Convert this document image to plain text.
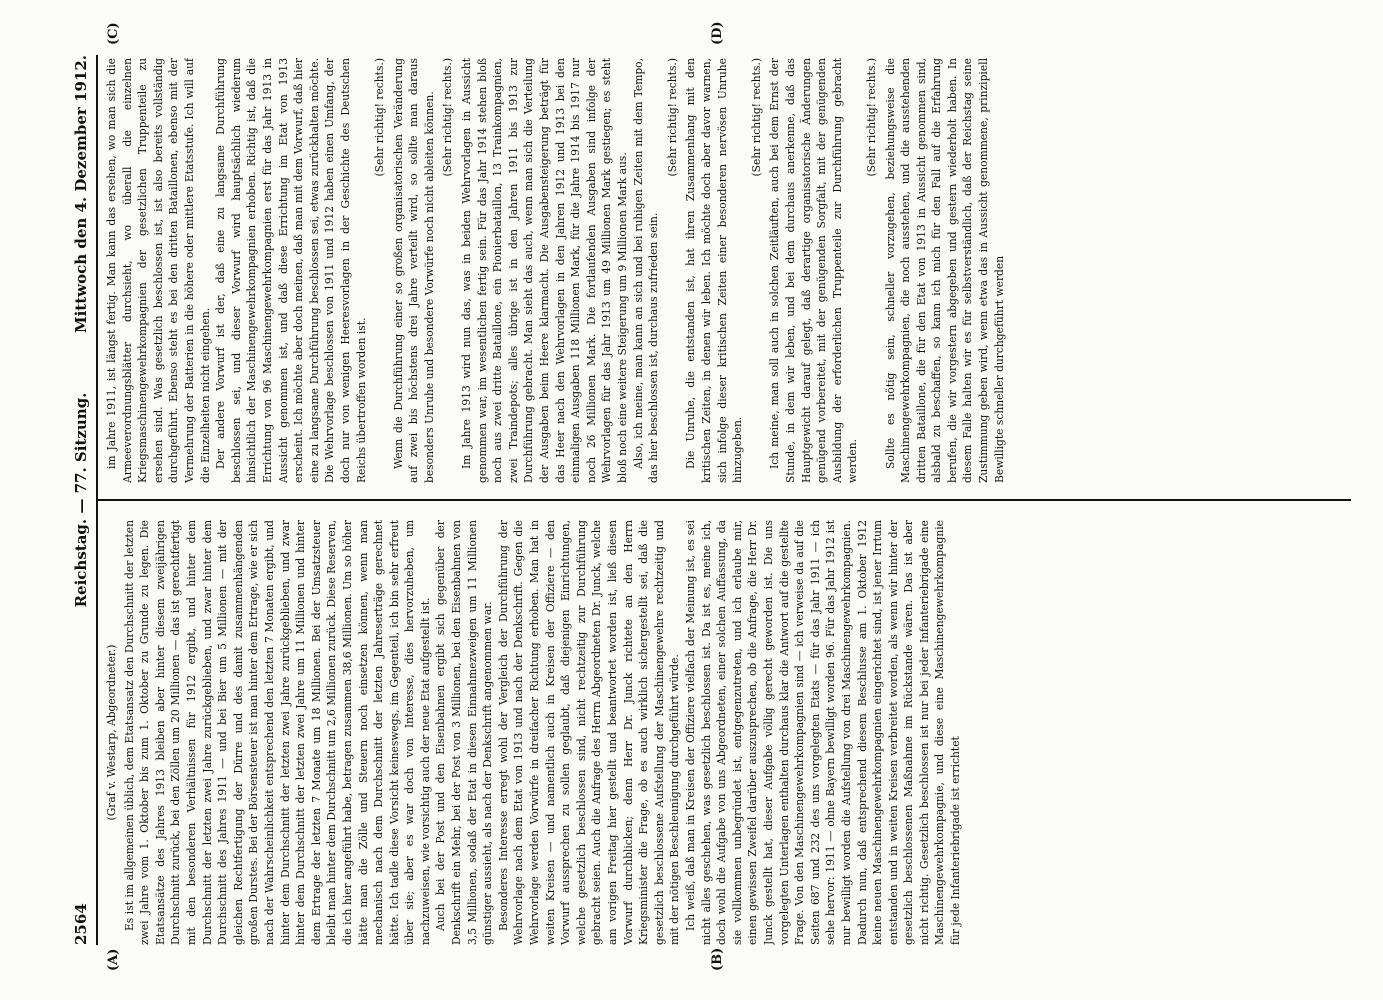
2564
Reichstag. — 77. Sitzung.
Mittwoch den 4. Dezember 1912.
(A)	(B)
(C)	(D)

(Graf v. Westarp, Abgeordneter.) Es ist im allgemeinen üblich, dem Etatsansatz den Durchschnitt der letzten zwei Jahre vom 1. Oktober bis zum 1. Oktober zu Grunde zu legen. Die Etatsansätze des Jahres 1913 bleiben aber hinter diesem zweijährigen Durchschnitt zurück, bei den Zöllen um 20 Millionen — das ist gerechtfertigt mit den besonderen Verhältnissen für 1912 ergibt, und hinter dem Durchschnitt der letzten zwei Jahre zurückgeblieben, und zwar hinter dem Durchschnitt des Jahres 1911 — und bei Bier um 5 Millionen — mit der gleichen Rechtfertigung der Dürre und des damit zusammenhängenden großen Durstes. Bei der Börsensteuer ist man hinter dem Ertrage, wie er sich nach der Wahrscheinlichkeit entsprechend den letzten 7 Monaten ergibt, und hinter dem Durchschnitt der letzten zwei Jahre zurückgeblieben, und zwar hinter dem Durchschnitt der letzten zwei Jahre um 11 Millionen und hinter dem Ertrage der letzten 7 Monate um 18 Millionen. Bei der Umsatzsteuer bleibt man hinter dem Durchschnitt um 2,6 Millionen zurück. Diese Reserven, die ich hier angeführt habe, betragen zusammen 38,6 Millionen. Um so höher hätte man die Zölle und Steuern noch einsetzen können, wenn man mechanisch nach dem Durchschnitt der letzten Jahreserträge gerechnet hätte. Ich tadle diese Vorsicht keineswegs, im Gegenteil, ich bin sehr erfreut über sie; aber es war doch von Interesse, dies hervorzuheben, um nachzuweisen, wie vorsichtig auch der neue Etat aufgestellt ist. Auch bei der Post und den Eisenbahnen ergibt sich gegenüber der Denkschrift ein Mehr, bei der Post von 3 Millionen, bei den Eisenbahnen von 3,5 Millionen, sodaß der Etat in diesen Einnahmezweigen um 11 Millionen günstiger aussieht, als nach der Denkschrift angenommen war. Besonderes Interesse erregt wohl der Vergleich der Durchführung der Wehrvorlage nach dem Etat von 1913 und nach der Denkschrift. Gegen die Wehrvorlage werden Vorwürfe in dreifacher Richtung erhoben. Man hat in weiten Kreisen — und namentlich auch in Kreisen der Offiziere — den Vorwurf aussprechen zu sollen geglaubt, daß diejenigen Einrichtungen, welche gesetzlich beschlossen sind, nicht rechtzeitig zur Durchführung gebracht seien. Auch die Anfrage des Herrn Abgeordneten Dr. Junck, welche am vorigen Freitag hier gestellt und beantwortet worden ist, ließ diesen Vorwurf durchblicken; denn Herr Dr. Junck richtete an den Herrn Kriegsminister die Frage, ob es auch wirklich sichergestellt sei, daß die gesetzlich beschlossene Aufstellung der Maschinengewehre rechtzeitig und mit der nötigen Beschleunigung durchgeführt würde. Ich weiß, daß man in Kreisen der Offiziere vielfach der Meinung ist, es sei nicht alles geschehen, was gesetzlich beschlossen ist. Da ist es, meine ich, doch wohl die Aufgabe von uns Abgeordneten, einer solchen Auffassung, da sie vollkommen unbegründet ist, entgegenzutreten, und ich erlaube mir, einen gewissen Zweifel darüber auszusprechen, ob die Anfrage, die Herr Dr. Junck gestellt hat, dieser Aufgabe völlig gerecht geworden ist. Die uns vorgelegten Unterlagen enthalten durchaus klar die Antwort auf die gestellte Frage. Von den Maschinengewehrkompagnien sind — ich verweise da auf die Seiten 687 und 232 des uns vorgelegten Etats — für das Jahr 1911 — ich sehe hervor: 1911 — ohne Bayern bewilligt worden 96. Für das Jahr 1912 ist nur bewilligt worden die Aufstellung von drei Maschinengewehrkompagnien. Dadurch nun, daß entsprechend diesem Beschlusse am 1. Oktober 1912 keine neuen Maschinengewehrkompagnien eingerichtet sind, ist jener Irrtum entstanden und in weiten Kreisen verbreitet worden, als wenn wir hinter der gesetzlich beschlossenen Maßnahme im Rückstande wären. Das ist aber nicht richtig. Gesetzlich beschlossen ist nur bei jeder Infanteriebrigade eine Maschinengewehrkompagnie, und diese eine Maschinengewehrkompagnie für jede Infanteriebrigade ist errichtet

im Jahre 1911, ist längst fertig. Man kann das ersehen, wo man sich die Armeeverordnungsblätter durchsieht, wo überall die einzelnen Kriegsmaschinengewehrkompagnien der gesetzlichen Truppenteile zu ersehen sind. Was gesetzlich beschlossen ist, ist also bereits vollständig durchgeführt. Ebenso steht es bei den dritten Bataillonen, ebenso mit der Vermehrung der Batterien in die höhere oder mittlere Etatsstufe. Ich will auf die Einzelheiten nicht eingehen. Der andere Vorwurf ist der, daß eine zu langsame Durchführung beschlossen sei, und dieser Vorwurf wird hauptsächlich wiederum hinsichtlich der Maschinengewehrkompagnien erhoben. Richtig ist, daß die Errichtung von 96 Maschinengewehrkompagnien erst für das Jahr 1913 in Aussicht genommen ist, und daß diese Errichtung im Etat von 1913 erscheint. Ich möchte aber doch meinen, daß man mit dem Vorwurf, daß hier eine zu langsame Durchführung beschlossen sei, etwas zurückhalten möchte. Die Wehrvorlage beschlossen von 1911 und 1912 haben einen Umfang, der doch nur von wenigen Heeresvorlagen in der Geschichte des Deutschen Reichs übertroffen worden ist.

(Sehr richtig! rechts.) Wenn die Durchführung einer so großen organisatorischen Veränderung auf zwei bis höchstens drei Jahre verteilt wird, so sollte man daraus besonders Unruhe und besondere Vorwürfe noch nicht ableiten können. (Sehr richtig! rechts.) Im Jahre 1913 wird nun das, was in beiden Wehrvorlagen in Aussicht genommen war, im wesentlichen fertig sein. Für das Jahr 1914 stehen bloß noch aus zwei dritte Bataillone, ein Pionierbataillon, 13 Trainkompagnien, zwei Traindepots; alles übrige ist in den Jahren 1911 bis 1913 zur Durchführung gebracht. Man sieht das auch, wenn man sich die Verteilung der Ausgaben beim Heere klarmacht. Die Ausgabensteigerung beträgt für das Heer nach den Wehrvorlagen in den Jahren 1912 und 1913 bei den einmaligen Ausgaben 118 Millionen Mark, für die Jahre 1914 bis 1917 nur noch 26 Millionen Mark. Die fortlaufenden Ausgaben sind infolge der Wehrvorlagen für das Jahr 1913 um 49 Millionen Mark gestiegen; es steht bloß noch eine weitere Steigerung um 9 Millionen Mark aus. Also, ich meine, man kann an sich und bei ruhigen Zeiten mit dem Tempo, das hier beschlossen ist, durchaus zufrieden sein.

(Sehr richtig! rechts.) Die Unruhe, die entstanden ist, hat ihren Zusammenhang mit den kritischen Zeiten, in denen wir leben. Ich möchte doch aber davor warnen, sich infolge dieser kritischen Zeiten einer besonderen nervösen Unruhe hinzugeben.

(Sehr richtig! rechts.) Ich meine, man soll auch in solchen Zeitläuften, auch bei dem Ernst der Stunde, in dem wir leben, und bei dem durchaus anerkenne, daß das Hauptgewicht darauf gelegt, daß derartige organisatorische Änderungen genügend vorbereitet, mit der genügenden Sorgfalt, mit der genügenden Ausbildung der erforderlichen Truppenteile zur Durchführung gebracht werden.

(Sehr richtig! rechts.) Sollte es nötig sein, schneller vorzugehen, beziehungsweise die Maschinengewehrkompagnien, die noch ausstehen, und die ausstehenden dritten Bataillone, die für den Etat von 1913 in Aussicht genommen sind, alsbald zu beschaffen, so kann ich mich für den Fall auf die Erfahrung berufen, die wir vorgestern abgegeben und gestern wiederholt haben. In diesem Falle halten wir es für selbstverständlich, daß der Reichstag seine Zustimmung geben wird, wenn etwa das in Aussicht genommene, prinzipiell Bewilligte schneller durchgeführt werden
